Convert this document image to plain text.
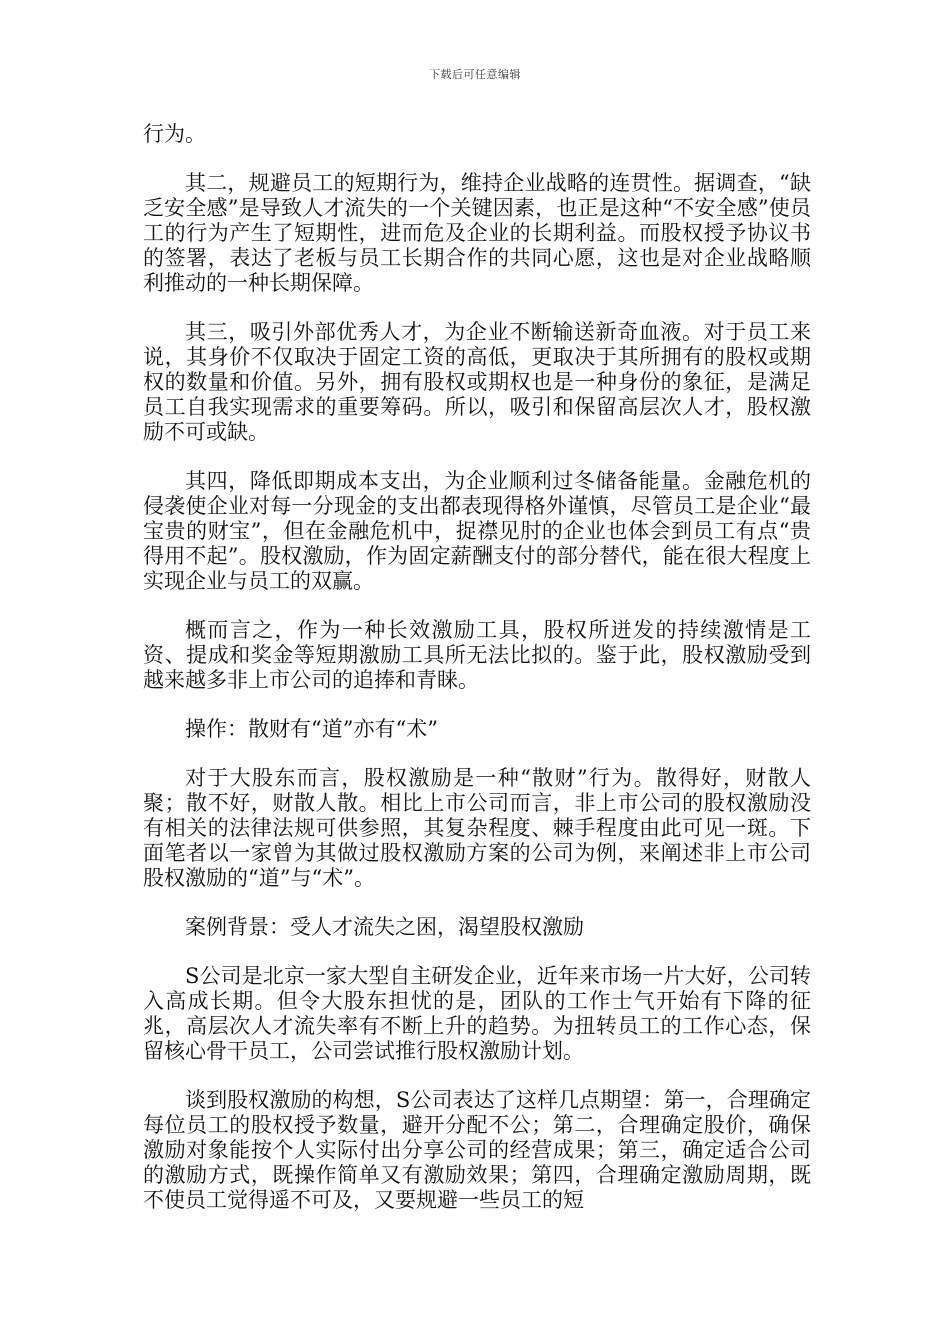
下载后可任意编辑

行为。

其二，规避员工的短期行为，维持企业战略的连贯性。据调查，“缺乏安全感”是导致人才流失的一个关键因素，也正是这种“不安全感”使员工的行为产生了短期性，进而危及企业的长期利益。而股权授予协议书的签署，表达了老板与员工长期合作的共同心愿，这也是对企业战略顺利推动的一种长期保障。

其三，吸引外部优秀人才，为企业不断输送新奇血液。对于员工来说，其身价不仅取决于固定工资的高低，更取决于其所拥有的股权或期权的数量和价值。另外，拥有股权或期权也是一种身份的象征，是满足员工自我实现需求的重要筹码。所以，吸引和保留高层次人才，股权激励不可或缺。

其四，降低即期成本支出，为企业顺利过冬储备能量。金融危机的侵袭使企业对每一分现金的支出都表现得格外谨慎，尽管员工是企业“最宝贵的财宝”，但在金融危机中，捉襟见肘的企业也体会到员工有点“贵得用不起”。股权激励，作为固定薪酬支付的部分替代，能在很大程度上实现企业与员工的双赢。

概而言之，作为一种长效激励工具，股权所迸发的持续激情是工资、提成和奖金等短期激励工具所无法比拟的。鉴于此，股权激励受到越来越多非上市公司的追捧和青睐。

操作：散财有“道”亦有“术”

对于大股东而言，股权激励是一种“散财”行为。散得好，财散人聚；散不好，财散人散。相比上市公司而言，非上市公司的股权激励没有相关的法律法规可供参照，其复杂程度、棘手程度由此可见一斑。下面笔者以一家曾为其做过股权激励方案的公司为例，来阐述非上市公司股权激励的“道”与“术”。

案例背景：受人才流失之困，渴望股权激励

S公司是北京一家大型自主研发企业，近年来市场一片大好，公司转入高成长期。但令大股东担忧的是，团队的工作士气开始有下降的征兆，高层次人才流失率有不断上升的趋势。为扭转员工的工作心态，保留核心骨干员工，公司尝试推行股权激励计划。

谈到股权激励的构想，S公司表达了这样几点期望：第一，合理确定每位员工的股权授予数量，避开分配不公；第二，合理确定股价，确保激励对象能按个人实际付出分享公司的经营成果；第三，确定适合公司的激励方式，既操作简单又有激励效果；第四，合理确定激励周期，既不使员工觉得遥不可及，又要规避一些员工的短
